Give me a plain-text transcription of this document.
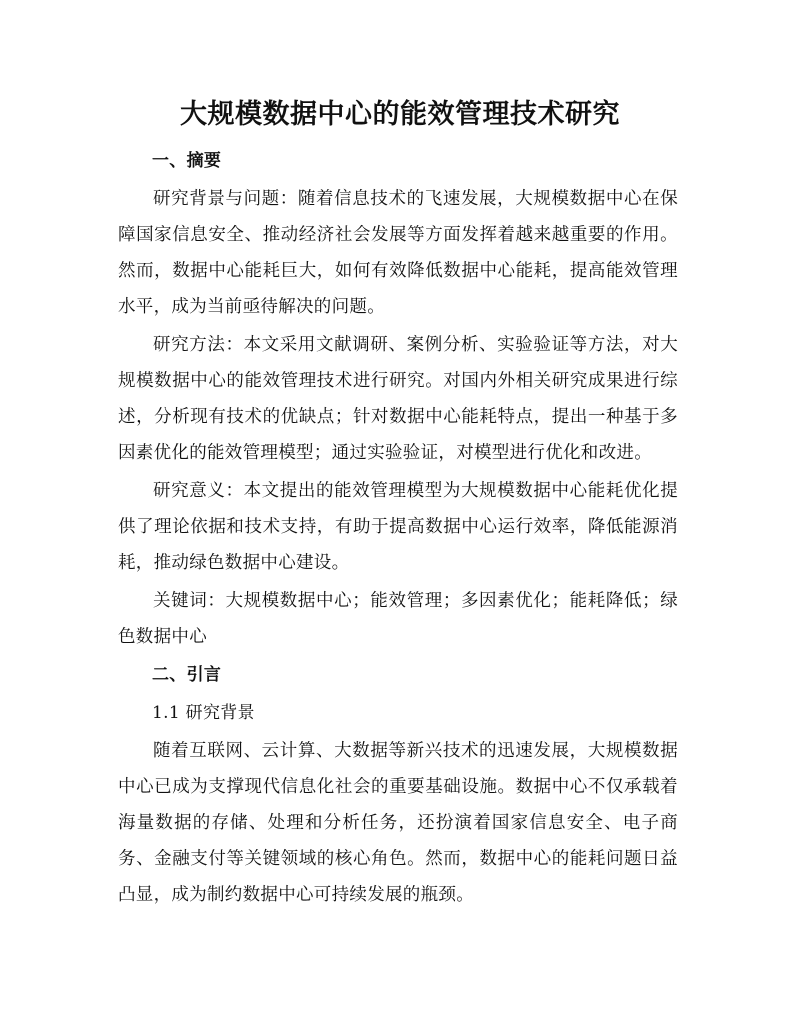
大规模数据中心的能效管理技术研究

一、摘要

研究背景与问题：随着信息技术的飞速发展，大规模数据中心在保障国家信息安全、推动经济社会发展等方面发挥着越来越重要的作用。然而，数据中心能耗巨大，如何有效降低数据中心能耗，提高能效管理水平，成为当前亟待解决的问题。

研究方法：本文采用文献调研、案例分析、实验验证等方法，对大规模数据中心的能效管理技术进行研究。对国内外相关研究成果进行综述，分析现有技术的优缺点；针对数据中心能耗特点，提出一种基于多因素优化的能效管理模型；通过实验验证，对模型进行优化和改进。

研究意义：本文提出的能效管理模型为大规模数据中心能耗优化提供了理论依据和技术支持，有助于提高数据中心运行效率，降低能源消耗，推动绿色数据中心建设。

关键词：大规模数据中心；能效管理；多因素优化；能耗降低；绿色数据中心

二、引言

1.1 研究背景

随着互联网、云计算、大数据等新兴技术的迅速发展，大规模数据中心已成为支撑现代信息化社会的重要基础设施。数据中心不仅承载着海量数据的存储、处理和分析任务，还扮演着国家信息安全、电子商务、金融支付等关键领域的核心角色。然而，数据中心的能耗问题日益凸显，成为制约数据中心可持续发展的瓶颈。
